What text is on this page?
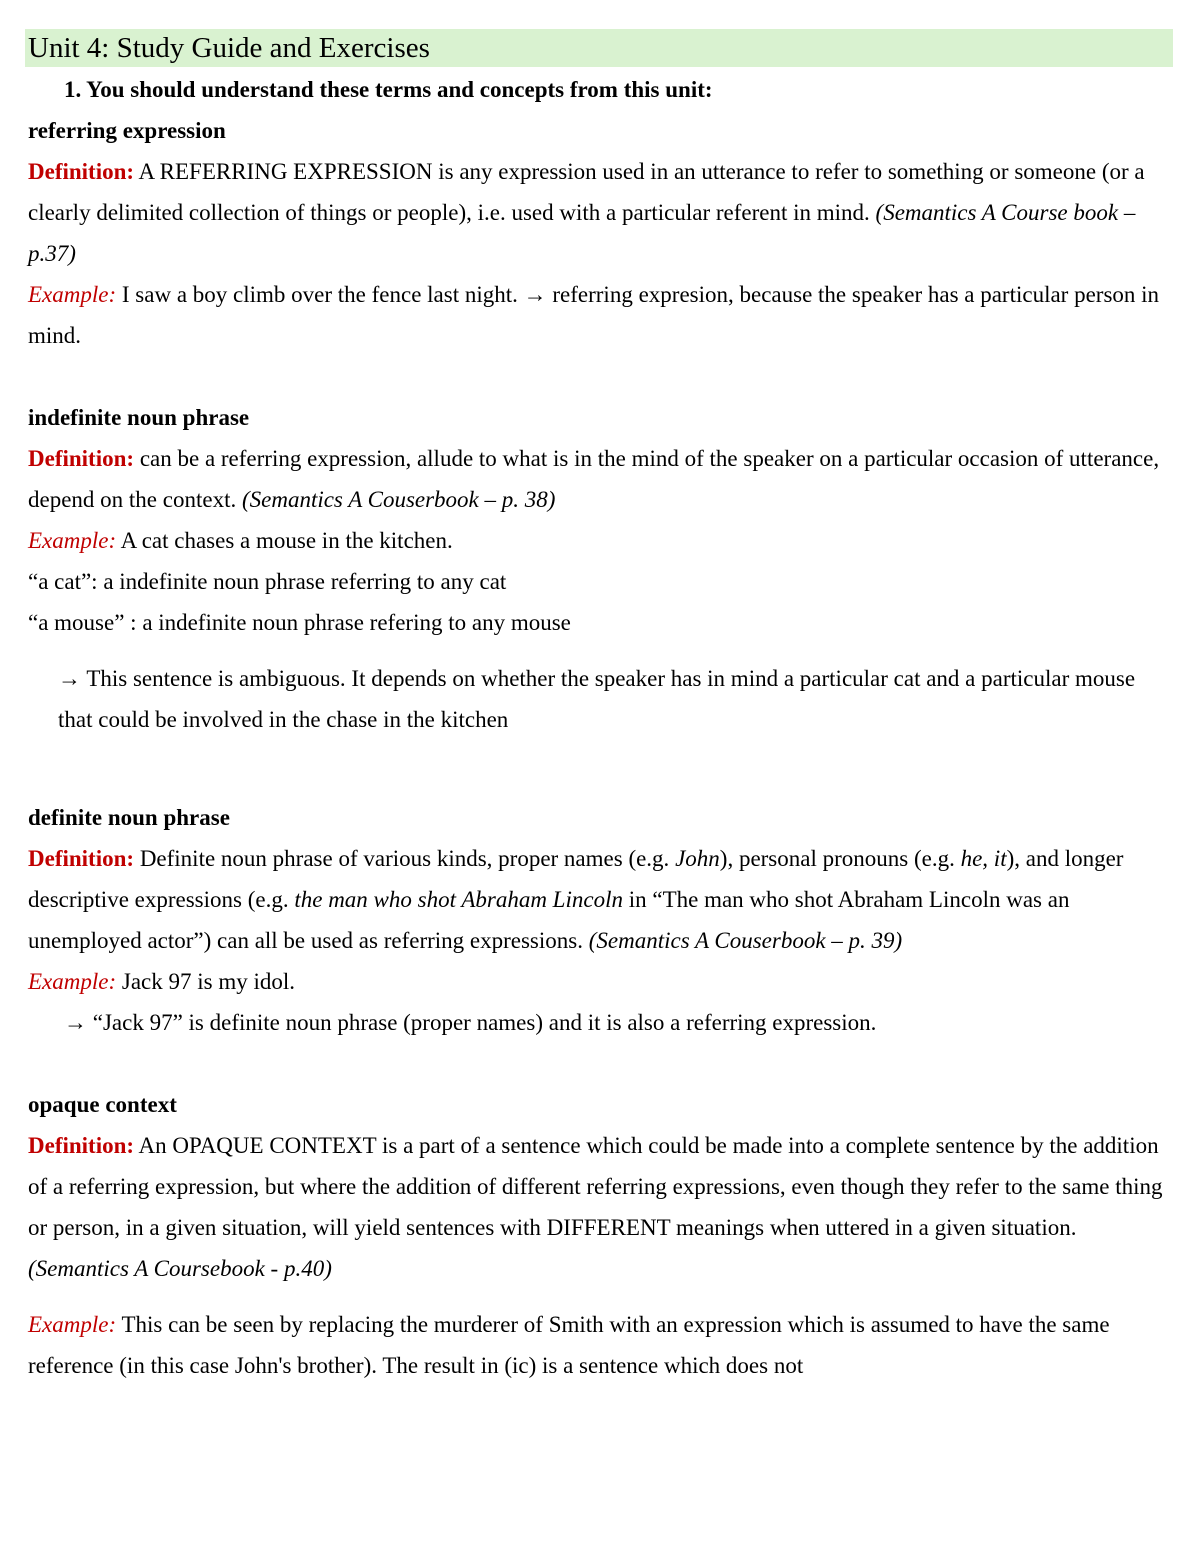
Unit 4: Study Guide and Exercises

1. You should understand these terms and concepts from this unit:

referring expression

Definition: A REFERRING EXPRESSION is any expression used in an utterance to refer to something or someone (or a clearly delimited collection of things or people), i.e. used with a particular referent in mind. (Semantics A Course book – p.37)

Example: I saw a boy climb over the fence last night. → referring expresion, because the speaker has a particular person in mind.

indefinite noun phrase

Definition: can be a referring expression, allude to what is in the mind of the speaker on a particular occasion of utterance, depend on the context. (Semantics A Couserbook – p. 38)

Example: A cat chases a mouse in the kitchen.

“a cat”: a indefinite noun phrase referring to any cat

“a mouse” : a indefinite noun phrase refering to any mouse

→ This sentence is ambiguous. It depends on whether the speaker has in mind a particular cat and a particular mouse that could be involved in the chase in the kitchen

definite noun phrase

Definition: Definite noun phrase of various kinds, proper names (e.g. John), personal pronouns (e.g. he, it), and longer descriptive expressions (e.g. the man who shot Abraham Lincoln in “The man who shot Abraham Lincoln was an unemployed actor”) can all be used as referring expressions. (Semantics A Couserbook – p. 39)

Example: Jack 97 is my idol.

→ “Jack 97” is definite noun phrase (proper names) and it is also a referring expression.

opaque context

Definition: An OPAQUE CONTEXT is a part of a sentence which could be made into a complete sentence by the addition of a referring expression, but where the addition of different referring expressions, even though they refer to the same thing or person, in a given situation, will yield sentences with DIFFERENT meanings when uttered in a given situation. (Semantics A Coursebook - p.40)

Example: This can be seen by replacing the murderer of Smith with an expression which is assumed to have the same reference (in this case John's brother). The result in (ic) is a sentence which does not
